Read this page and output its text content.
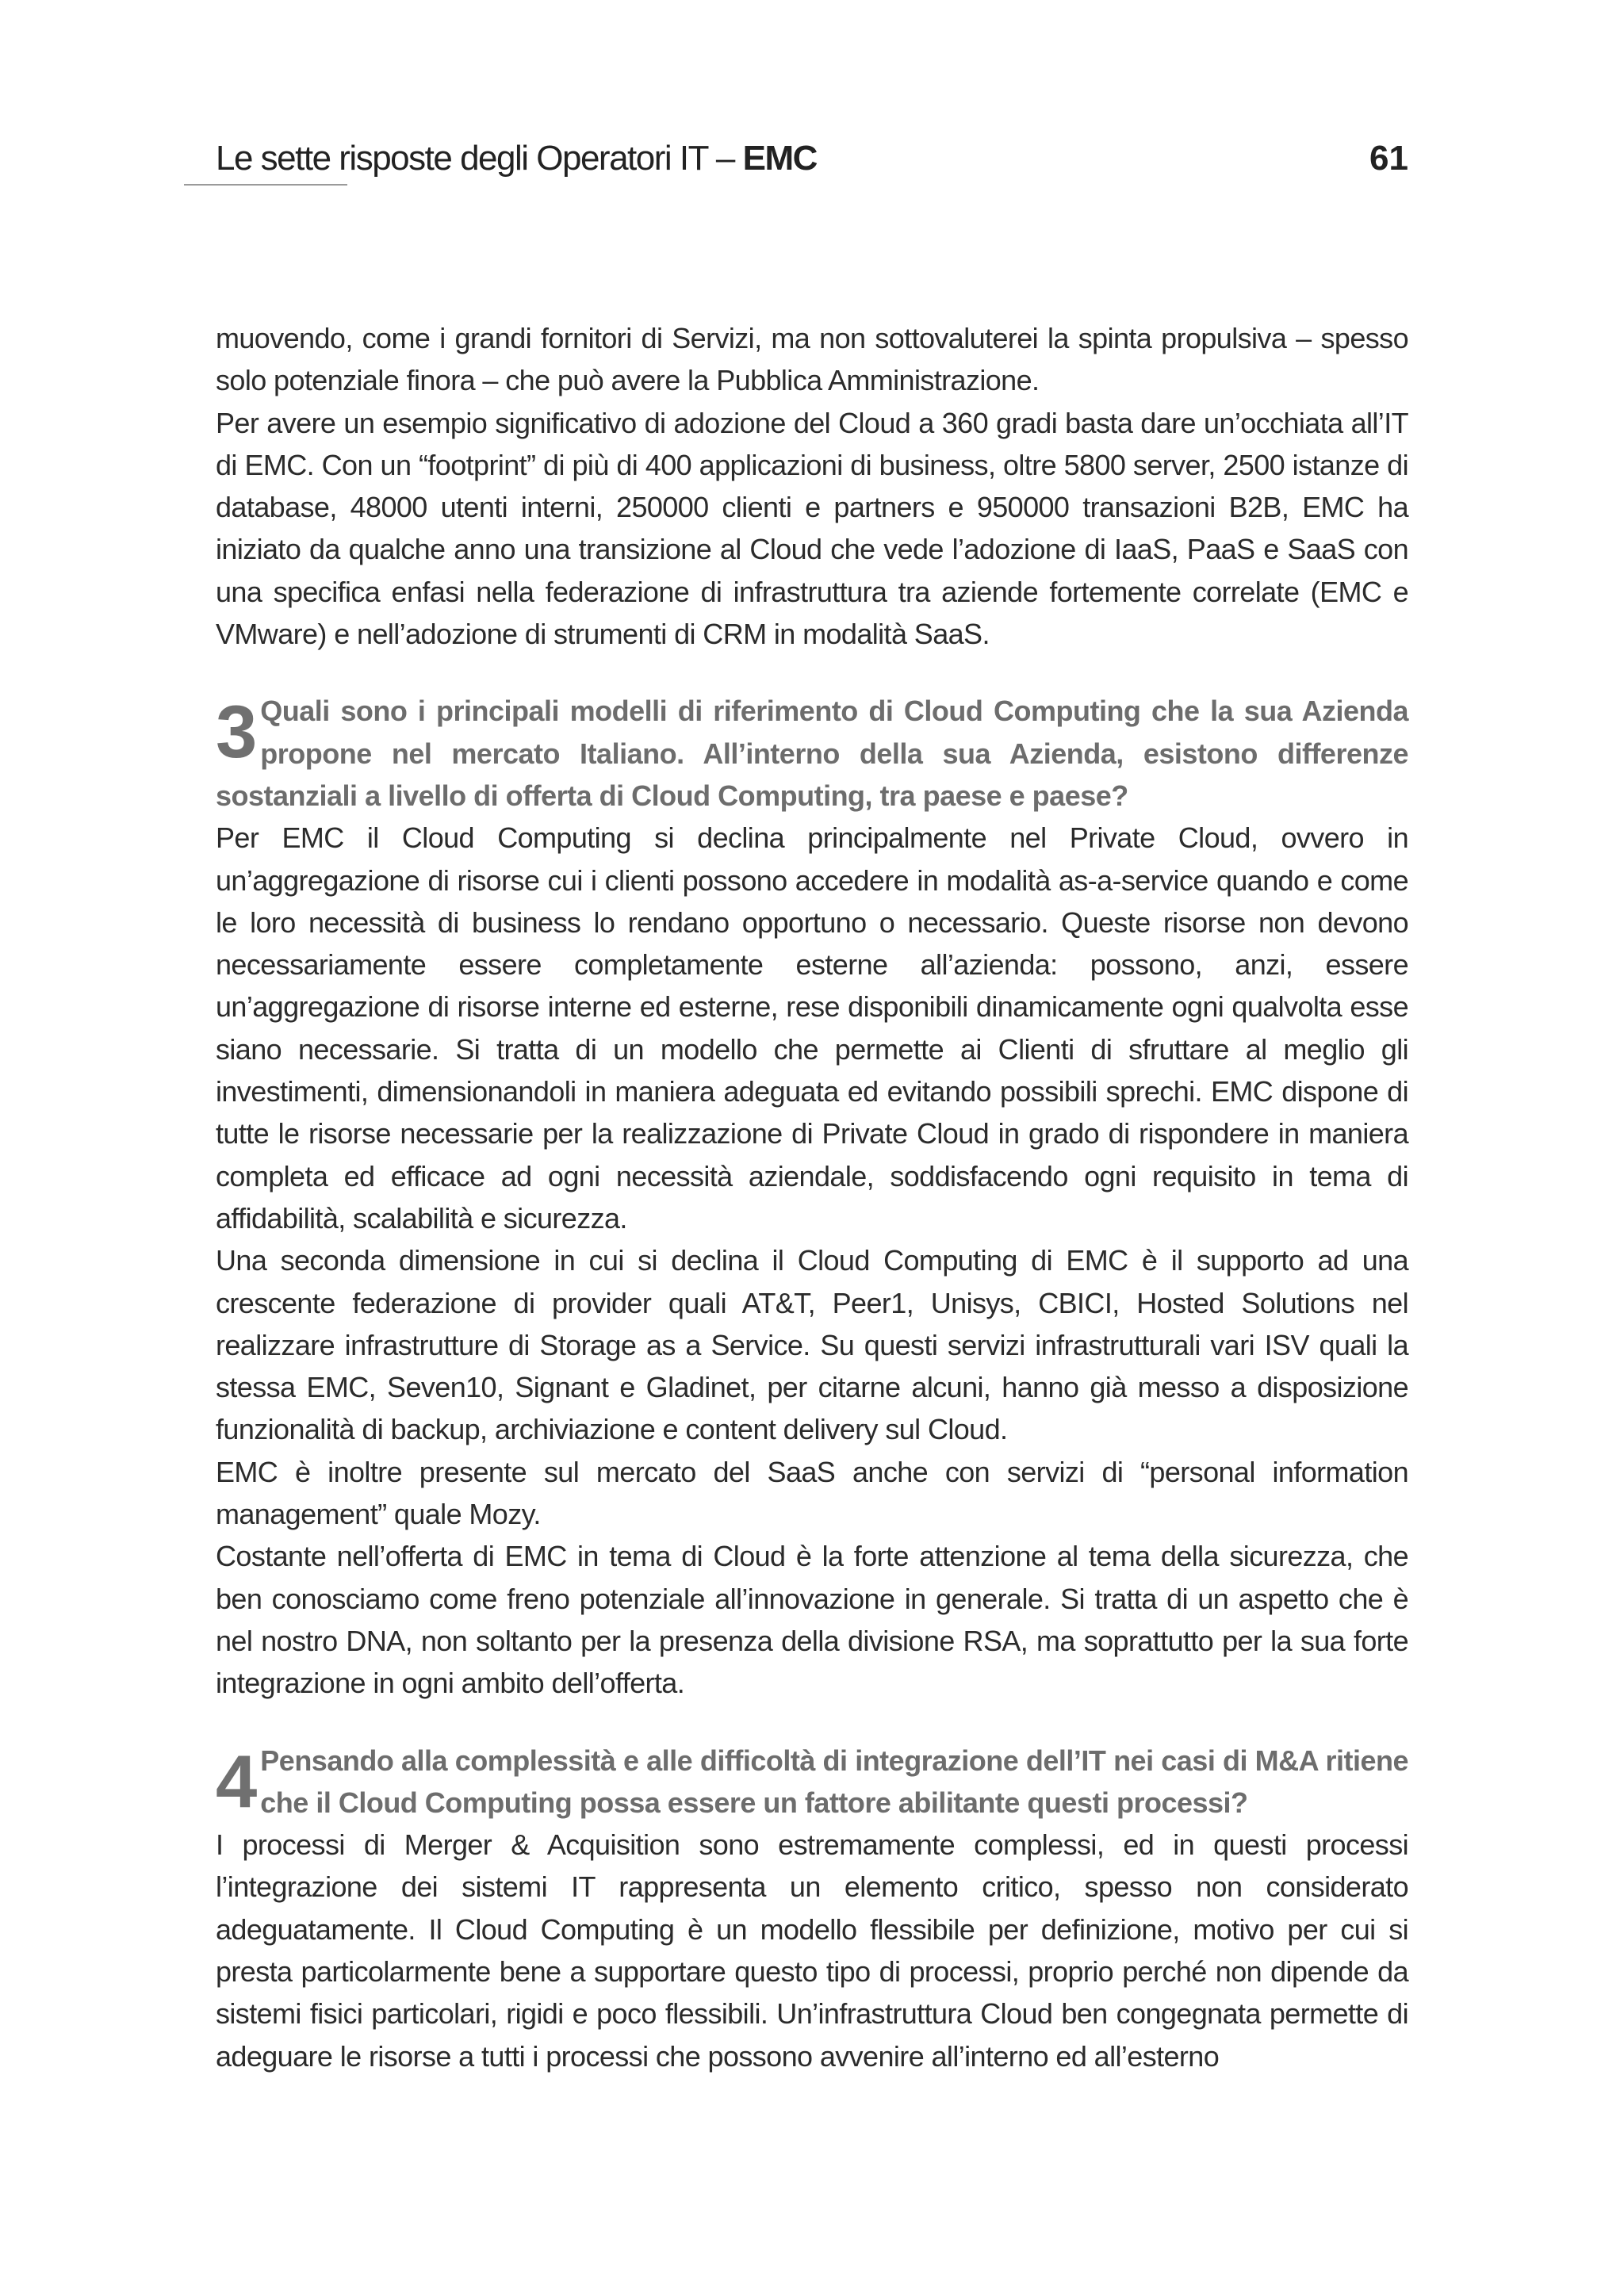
Le sette risposte degli Operatori IT – EMC	61

muovendo, come i grandi fornitori di Servizi, ma non sottovaluterei la spinta propulsiva – spesso solo potenziale finora – che può avere la Pubblica Amministrazione.

Per avere un esempio significativo di adozione del Cloud a 360 gradi basta dare un’occhiata all’IT di EMC. Con un “footprint” di più di 400 applicazioni di business, oltre 5800 server, 2500 istanze di database, 48000 utenti interni, 250000 clienti e partners e 950000 transazioni B2B, EMC ha iniziato da qualche anno una transizione al Cloud che vede l’adozione di IaaS, PaaS e SaaS con una specifica enfasi nella federazione di infrastruttura tra aziende fortemente correlate (EMC e VMware) e nell’adozione di strumenti di CRM in modalità SaaS.

3 Quali sono i principali modelli di riferimento di Cloud Computing che la sua Azienda propone nel mercato Italiano. All’interno della sua Azienda, esistono differenze sostanziali a livello di offerta di Cloud Computing, tra paese e paese?

Per EMC il Cloud Computing si declina principalmente nel Private Cloud, ovvero in un’aggregazione di risorse cui i clienti possono accedere in modalità as-a-service quando e come le loro necessità di business lo rendano opportuno o necessario. Queste risorse non devono necessariamente essere completamente esterne all’azienda: possono, anzi, essere un’aggregazione di risorse interne ed esterne, rese disponibili dinamicamente ogni qualvolta esse siano necessarie. Si tratta di un modello che permette ai Clienti di sfruttare al meglio gli investimenti, dimensionandoli in maniera adeguata ed evitando possibili sprechi. EMC dispone di tutte le risorse necessarie per la realizzazione di Private Cloud in grado di rispondere in maniera completa ed efficace ad ogni necessità aziendale, soddisfacendo ogni requisito in tema di affidabilità, scalabilità e sicurezza.

Una seconda dimensione in cui si declina il Cloud Computing di EMC è il supporto ad una crescente federazione di provider quali AT&T, Peer1, Unisys, CBICI, Hosted Solutions nel realizzare infrastrutture di Storage as a Service. Su questi servizi infrastrutturali vari ISV quali la stessa EMC, Seven10, Signant e Gladinet, per citarne alcuni, hanno già messo a disposizione funzionalità di backup, archiviazione e content delivery sul Cloud.

EMC è inoltre presente sul mercato del SaaS anche con servizi di “personal information management” quale Mozy.

Costante nell’offerta di EMC in tema di Cloud è la forte attenzione al tema della sicurezza, che ben conosciamo come freno potenziale all’innovazione in generale. Si tratta di un aspetto che è nel nostro DNA, non soltanto per la presenza della divisione RSA, ma soprattutto per la sua forte integrazione in ogni ambito dell’offerta.

4 Pensando alla complessità e alle difficoltà di integrazione dell’IT nei casi di M&A ritiene che il Cloud Computing possa essere un fattore abilitante questi processi?

I processi di Merger & Acquisition sono estremamente complessi, ed in questi processi l’integrazione dei sistemi IT rappresenta un elemento critico, spesso non considerato adeguatamente. Il Cloud Computing è un modello flessibile per definizione, motivo per cui si presta particolarmente bene a supportare questo tipo di processi, proprio perché non dipende da sistemi fisici particolari, rigidi e poco flessibili. Un’infrastruttura Cloud ben congegnata permette di adeguare le risorse a tutti i processi che possono avvenire all’interno ed all’esterno
